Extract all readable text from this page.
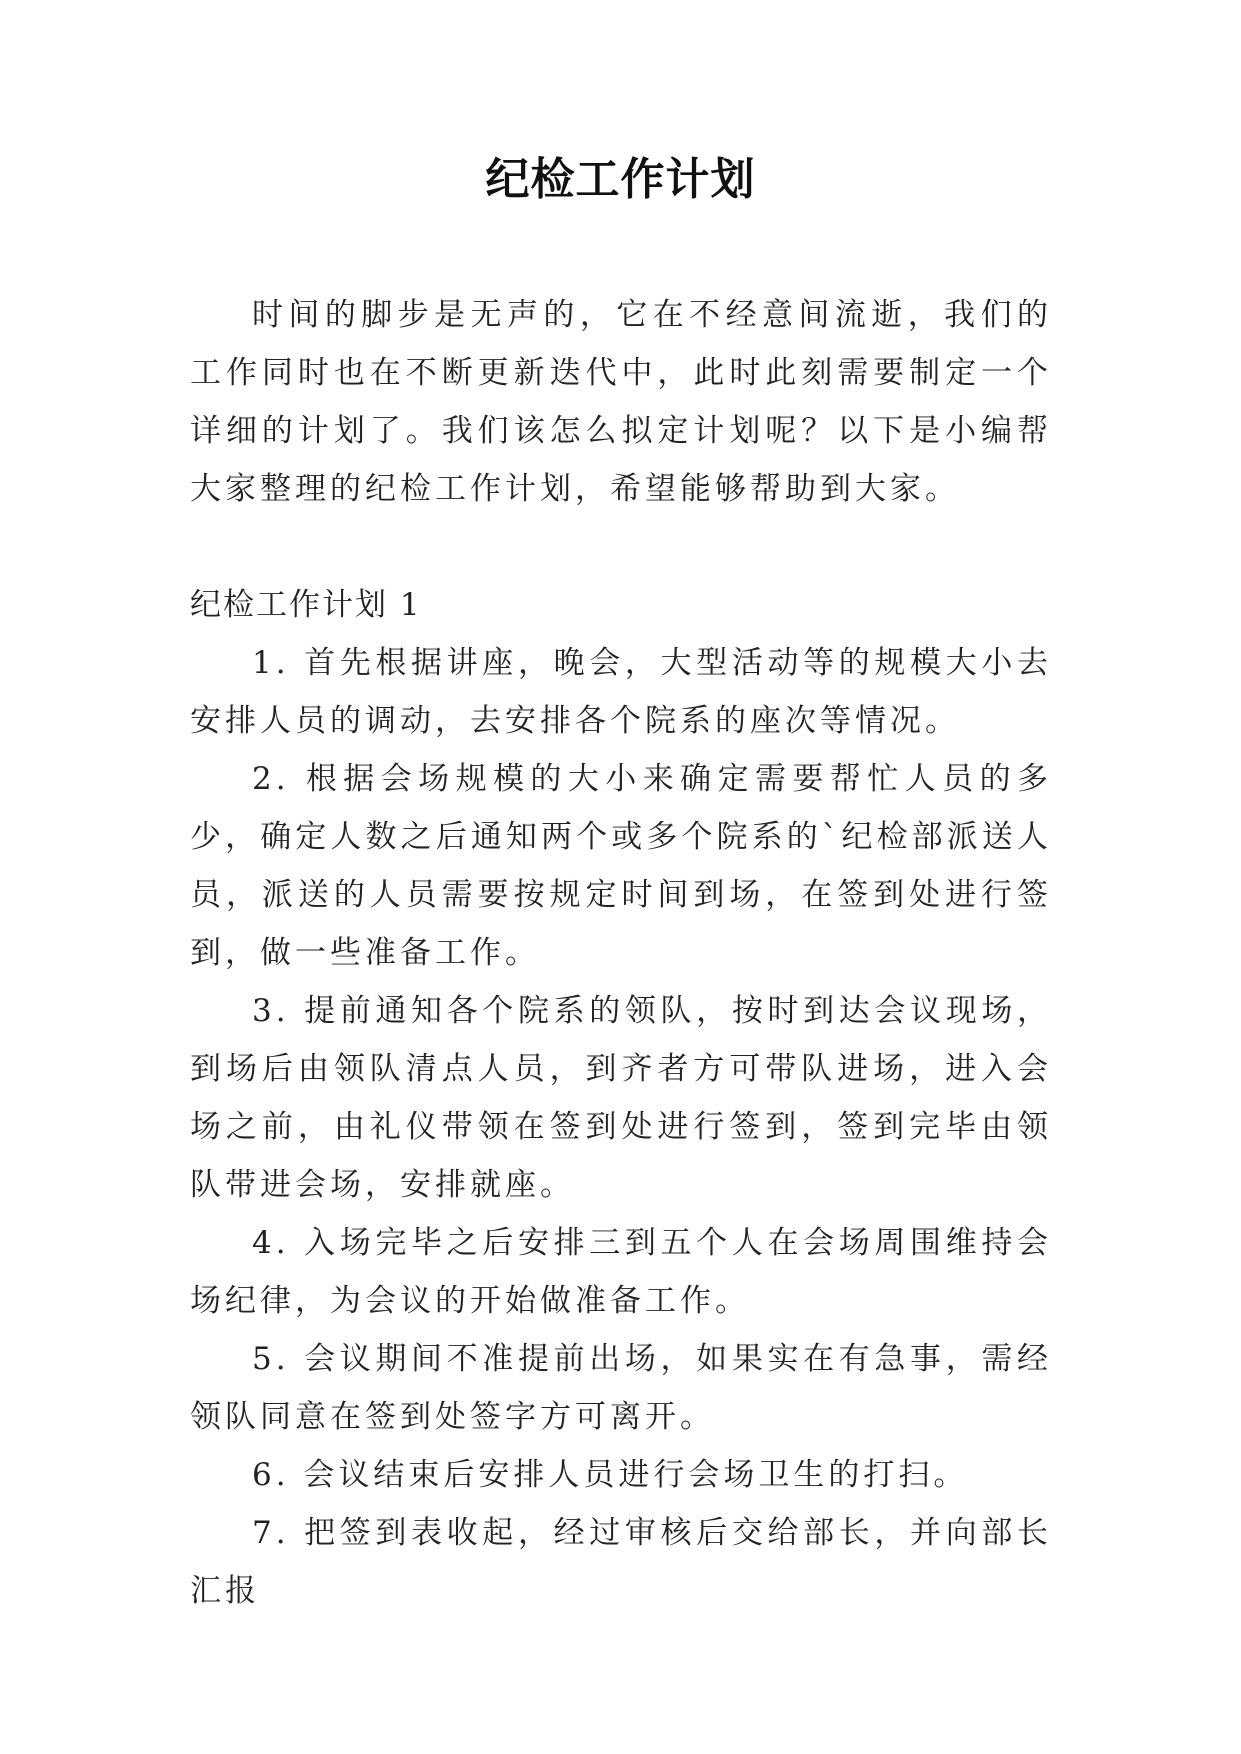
纪检工作计划

时间的脚步是无声的，它在不经意间流逝，我们的工作同时也在不断更新迭代中，此时此刻需要制定一个详细的计划了。我们该怎么拟定计划呢？以下是小编帮大家整理的纪检工作计划，希望能够帮助到大家。

纪检工作计划 1

1. 首先根据讲座，晚会，大型活动等的规模大小去安排人员的调动，去安排各个院系的座次等情况。

2. 根据会场规模的大小来确定需要帮忙人员的多少，确定人数之后通知两个或多个院系的`纪检部派送人员，派送的人员需要按规定时间到场，在签到处进行签到，做一些准备工作。

3. 提前通知各个院系的领队，按时到达会议现场，到场后由领队清点人员，到齐者方可带队进场，进入会场之前，由礼仪带领在签到处进行签到，签到完毕由领队带进会场，安排就座。

4. 入场完毕之后安排三到五个人在会场周围维持会场纪律，为会议的开始做准备工作。

5. 会议期间不准提前出场，如果实在有急事，需经领队同意在签到处签字方可离开。

6. 会议结束后安排人员进行会场卫生的打扫。

7. 把签到表收起，经过审核后交给部长，并向部长汇报
